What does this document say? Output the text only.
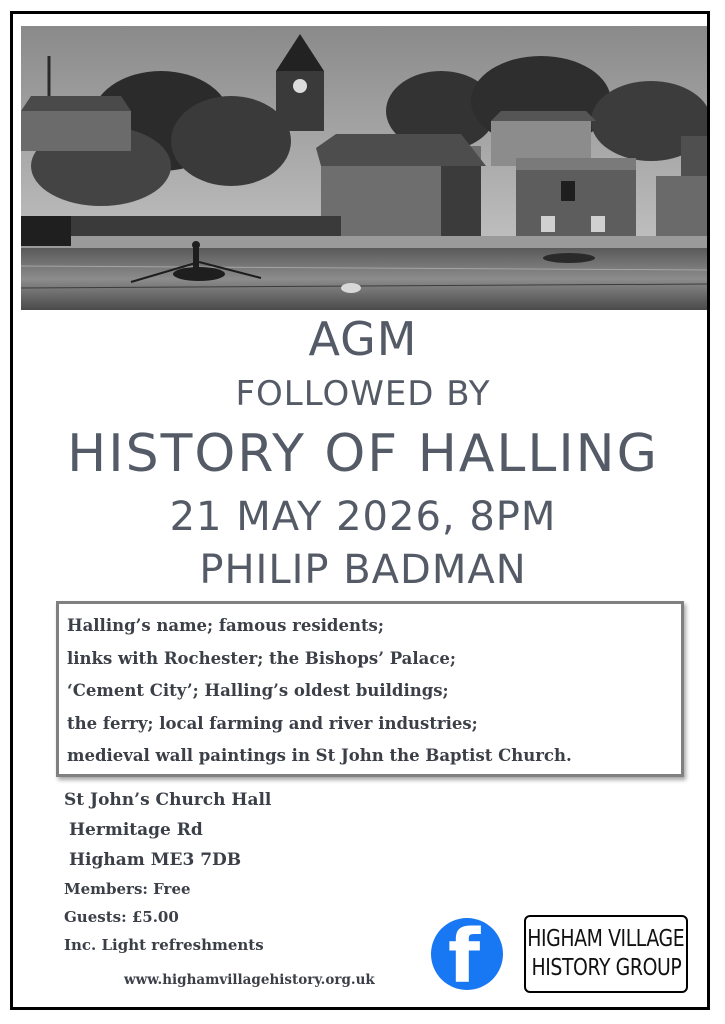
AGM
FOLLOWED BY
HISTORY OF HALLING
21 MAY 2026, 8PM
PHILIP BADMAN
Halling’s name; famous residents;
links with Rochester; the Bishops’ Palace;
‘Cement City’; Halling’s oldest buildings;
the ferry; local farming and river industries;
medieval wall paintings in St John the Baptist Church.
St John’s Church Hall
Hermitage Rd
Higham ME3 7DB
Members: Free
Guests: £5.00
Inc. Light refreshments
www.highamvillagehistory.org.uk f HIGHAM VILLAGE
HISTORY GROUP
